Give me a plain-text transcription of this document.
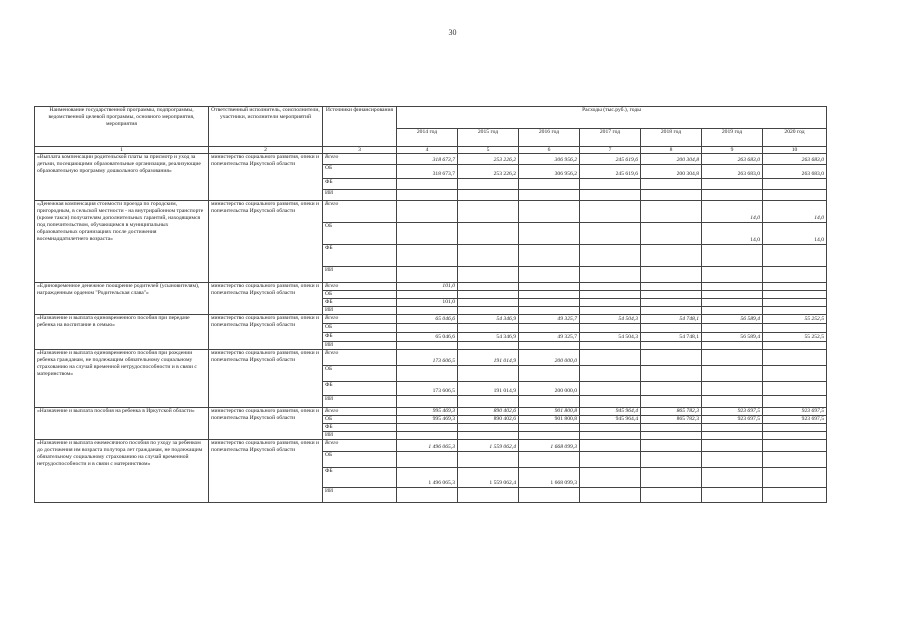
30
Наименование государственной программы, подпрограммы, ведомственной целевой программы, основного мероприятия, мероприятия	Ответственный исполнитель, соисполнители, участники, исполнители мероприятий	Источники финансирования	Расходы (тыс.руб.), годы						
			2014 год	2015 год	2016 год	2017 год	2018 год	2019 год	2020 год
1	2	3	4	5	6	7	8	9	10
«Выплата компенсации родительской платы за присмотр и уход за детьми, посещающими образовательные организации, реализующие образовательную программу дошкольного образования»	министерство социального развития, опеки и попечительства Иркутской области	Всего	318 673,7	253 226,2	306 956,2	245 619,6	200 304,8	263 683,0	263 683,0
		ОБ	318 673,7	253 226,2	306 956,2	245 619,6	200 304,8	263 683,0	263 683,0
		ФБ							
		ИИ							
«Денежная компенсация стоимости проезда по городским, пригородным, в сельской местности - на внутрирайонном транспорте (кроме такси) получателям дополнительных гарантий, находящимся под попечительством, обучающимся в муниципальных образовательных организациях после достижения восемнадцатилетнего возраста»	министерство социального развития, опеки и попечительства Иркутской области	Всего						14,0	14,0
		ОБ						14,0	14,0
		ФБ							
		ИИ							
«Единовременное денежное поощрение родителей (усыновителям), награжденным орденом "Родительская слава"»	министерство социального развития, опеки и попечительства Иркутской области	Всего	101,0						
		ОБ							
		ФБ	101,0						
		ИИ							
«Назначение и выплата единовременного пособия при передаче ребенка на воспитание в семью»	министерство социального развития, опеки и попечительства Иркутской области	Всего	65 046,6	54 346,9	49 325,7	54 504,3	54 748,1	56 589,4	55 252,5
		ОБ							
		ФБ	65 046,6	54 346,9	49 325,7	54 504,3	54 748,1	56 589,4	55 252,5
		ИИ							
«Назначение и выплата единовременного пособия при рождении ребенка гражданам, не подлежащим обязательному социальному страхованию на случай временной нетрудоспособности и в связи с материнством»	министерство социального развития, опеки и попечительства Иркутской области	Всего	173 606,5	191 014,9	200 000,0				
		ОБ							
		ФБ	173 606,5	191 014,9	200 000,0				
		ИИ							
«Назначение и выплата пособия на ребенка в Иркутской области»	министерство социального развития, опеки и попечительства Иркутской области	Всего	995 469,3	890 402,6	901 800,8	945 964,4	865 782,3	923 697,5	923 697,5
		ОБ	995 469,3	890 402,6	901 800,8	945 964,4	865 782,3	923 697,5	923 697,5
		ФБ							
		ИИ							
«Назначение и выплата ежемесячного пособия по уходу за ребенком до достижения им возраста полутора лет гражданам, не подлежащим обязательному социальному страхованию на случай временной нетрудоспособности и в связи с материнством»	министерство социального развития, опеки и попечительства Иркутской области	Всего	1 496 065,3	1 559 062,4	1 668 099,3				
		ОБ							
		ФБ	1 496 065,3	1 559 062,4	1 668 099,3				
		ИИ							
